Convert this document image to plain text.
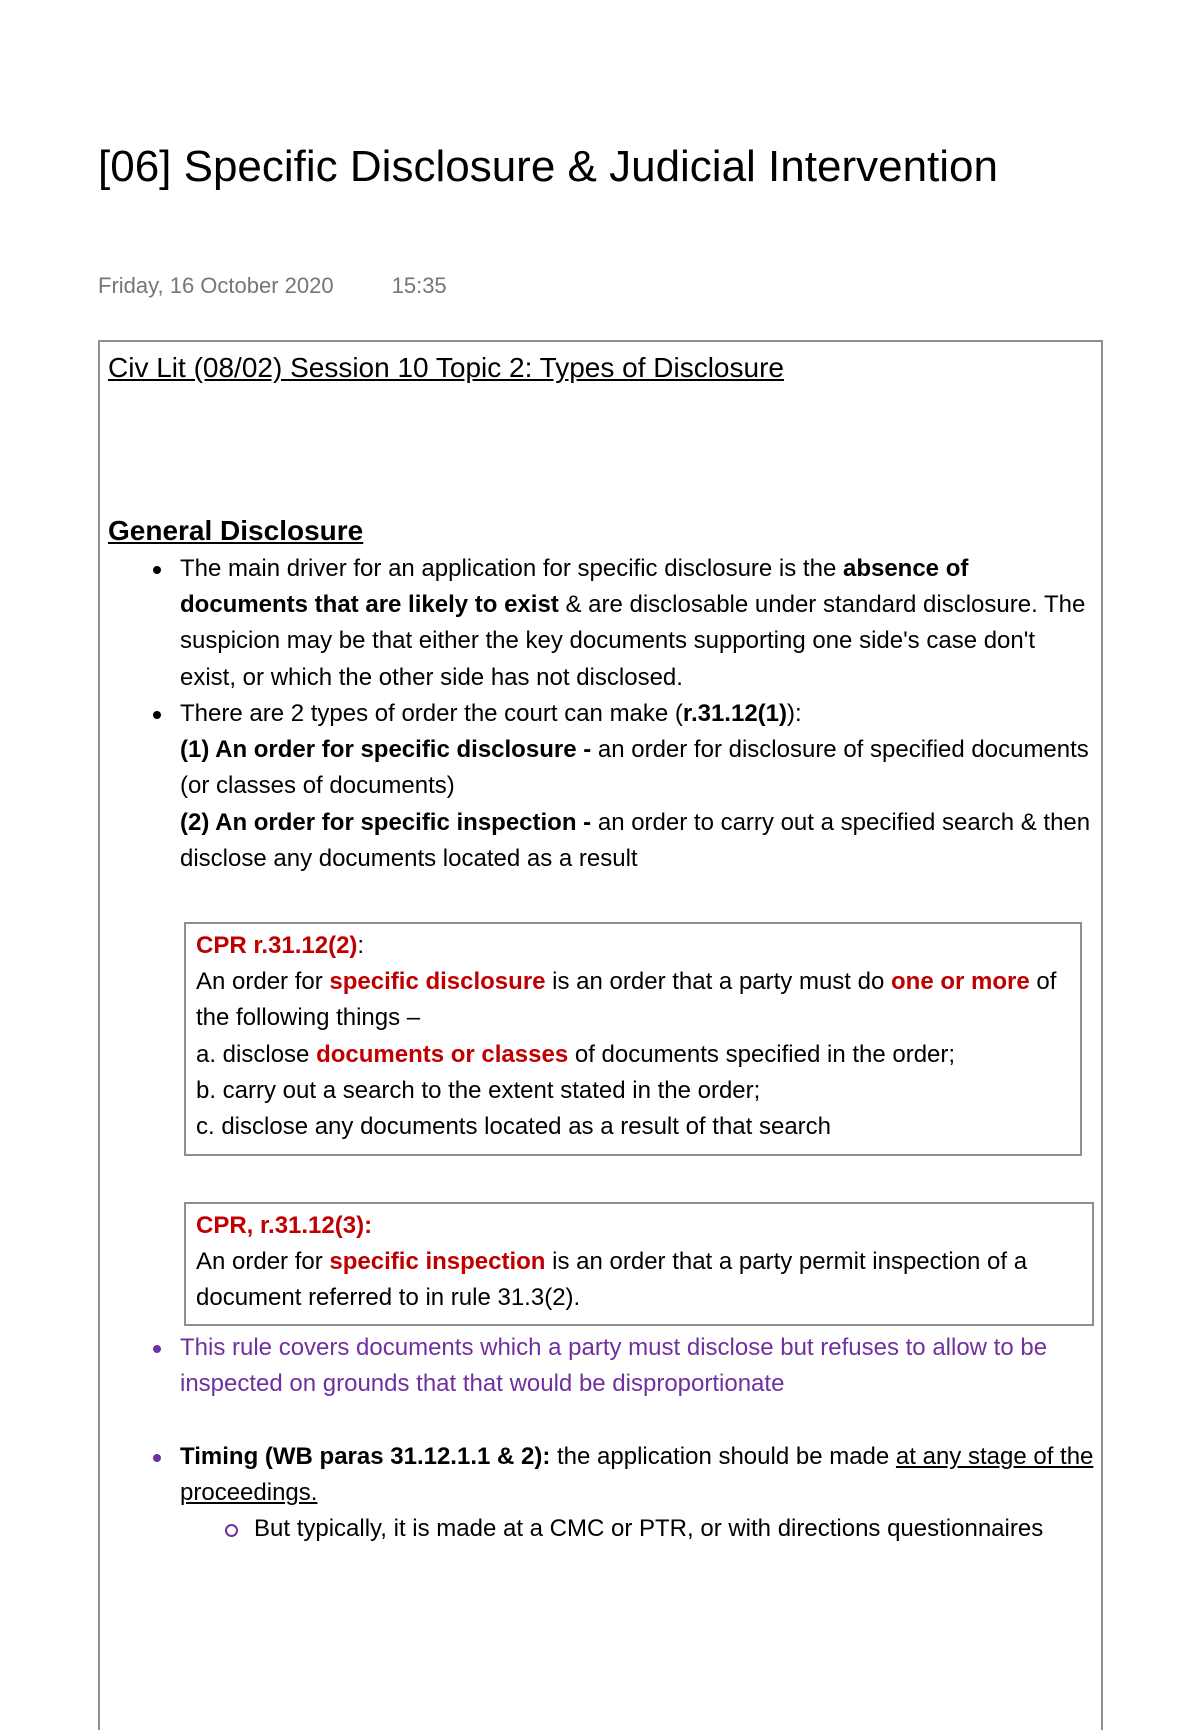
[06] Specific Disclosure & Judicial Intervention
Friday, 16 October 2020	15:35
Civ Lit (08/02) Session 10 Topic 2: Types of Disclosure
General Disclosure
The main driver for an application for specific disclosure is the absence of documents that are likely to exist & are disclosable under standard disclosure. The suspicion may be that either the key documents supporting one side's case don't exist, or which the other side has not disclosed.
There are 2 types of order the court can make (r.31.12(1)):
(1) An order for specific disclosure - an order for disclosure of specified documents (or classes of documents)
(2) An order for specific inspection - an order to carry out a specified search & then disclose any documents located as a result
CPR r.31.12(2):
An order for specific disclosure is an order that a party must do one or more of the following things –
a. disclose documents or classes of documents specified in the order;
b. carry out a search to the extent stated in the order;
c. disclose any documents located as a result of that search
CPR, r.31.12(3):
An order for specific inspection is an order that a party permit inspection of a document referred to in rule 31.3(2).
This rule covers documents which a party must disclose but refuses to allow to be inspected on grounds that that would be disproportionate
Timing (WB paras 31.12.1.1 & 2): the application should be made at any stage of the proceedings.
But typically, it is made at a CMC or PTR, or with directions questionnaires
